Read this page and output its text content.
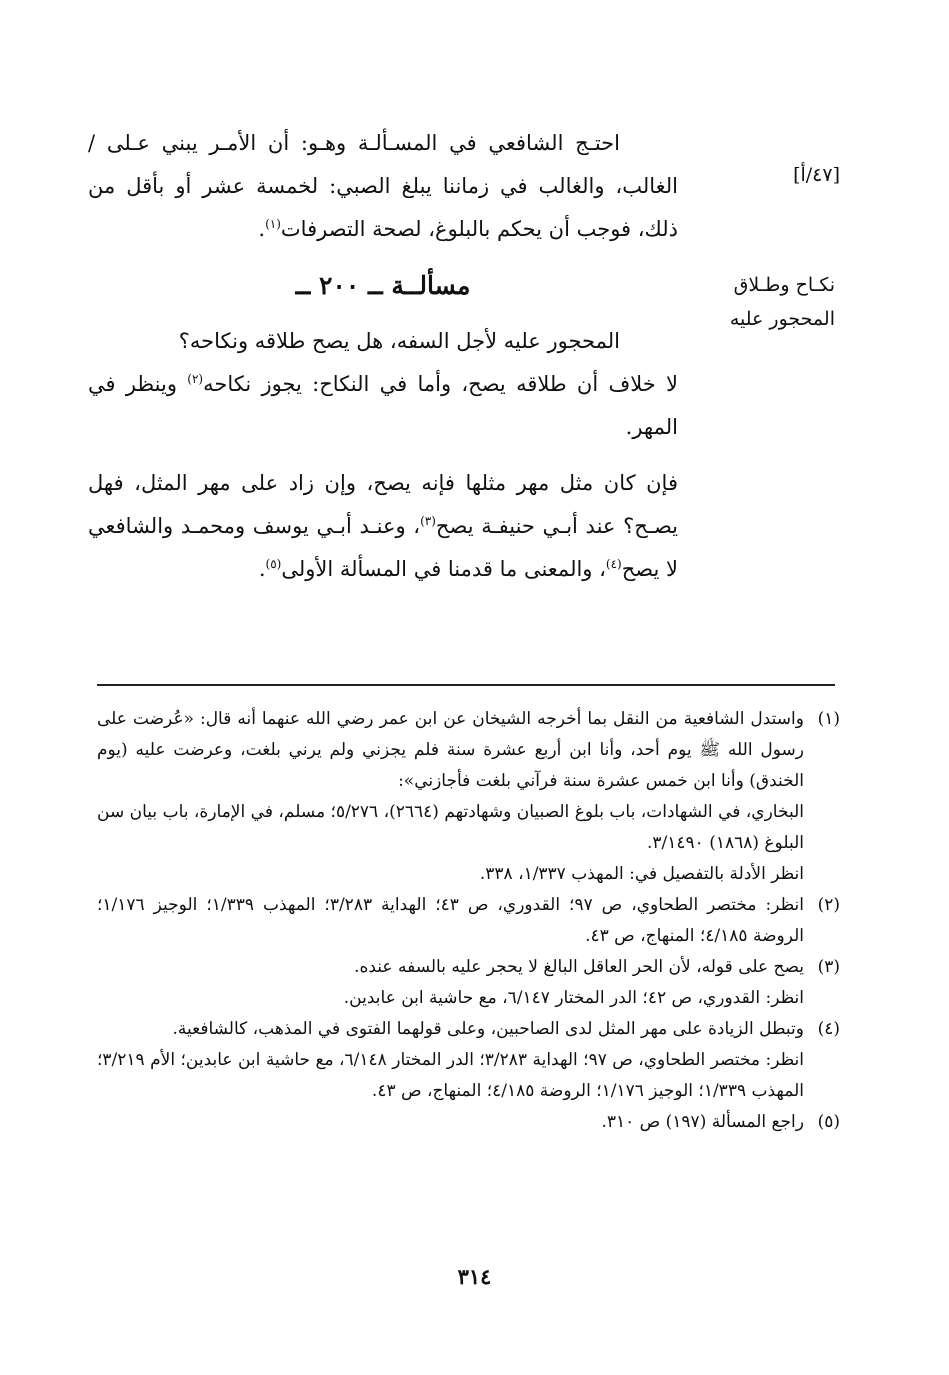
[٤٧/أ]
نكـاح وطـلاق المحجور عليه

احتـج الشافعي في المسـألـة وهـو: أن الأمـر يبني عـلى / الغالب، والغالب في زماننا يبلغ الصبي: لخمسة عشر أو بأقل من ذلك، فوجب أن يحكم بالبلوغ، لصحة التصرفات$^{(١)}$.

مسألــة ــ ٢٠٠ ــ

المحجور عليه لأجل السفه، هل يصح طلاقه ونكاحه؟

لا خلاف أن طلاقه يصح، وأما في النكاح: يجوز نكاحه$^{(٢)}$ وينظر في المهر.

فإن كان مثل مهر مثلها فإنه يصح، وإن زاد على مهر المثل، فهل يصـح؟ عند أبـي حنيفـة يصح$^{(٣)}$، وعنـد أبـي يوسف ومحمـد والشافعي لا يصح$^{(٤)}$، والمعنى ما قدمنا في المسألة الأولى$^{(٥)}$.

(١)

واستدل الشافعية من النقل بما أخرجه الشيخان عن ابن عمر رضي الله عنهما أنه قال: «عُرضت على رسول الله ﷺ يوم أحد، وأنا ابن أربع عشرة سنة فلم يجزني ولم يرني بلغت، وعرضت عليه (يوم الخندق) وأنا ابن خمس عشرة سنة فرآني بلغت فأجازني»:

البخاري، في الشهادات، باب بلوغ الصبيان وشهادتهم (٢٦٦٤)، ٥/٢٧٦؛ مسلم، في الإمارة، باب بيان سن البلوغ (١٨٦٨) ٣/١٤٩٠.

انظر الأدلة بالتفصيل في: المهذب ١/٣٣٧، ٣٣٨.

(٢)

انظر: مختصر الطحاوي، ص ٩٧؛ القدوري، ص ٤٣؛ الهداية ٣/٢٨٣؛ المهذب ١/٣٣٩؛ الوجيز ١/١٧٦؛ الروضة ٤/١٨٥؛ المنهاج، ص ٤٣.

(٣)

يصح على قوله، لأن الحر العاقل البالغ لا يحجر عليه بالسفه عنده.

انظر: القدوري، ص ٤٢؛ الدر المختار ٦/١٤٧، مع حاشية ابن عابدين.

(٤)

وتبطل الزيادة على مهر المثل لدى الصاحبين، وعلى قولهما الفتوى في المذهب، كالشافعية.

انظر: مختصر الطحاوي، ص ٩٧؛ الهداية ٣/٢٨٣؛ الدر المختار ٦/١٤٨، مع حاشية ابن عابدين؛ الأم ٣/٢١٩؛ المهذب ١/٣٣٩؛ الوجيز ١/١٧٦؛ الروضة ٤/١٨٥؛ المنهاج، ص ٤٣.

(٥)

راجع المسألة (١٩٧) ص ٣١٠.

٣١٤
